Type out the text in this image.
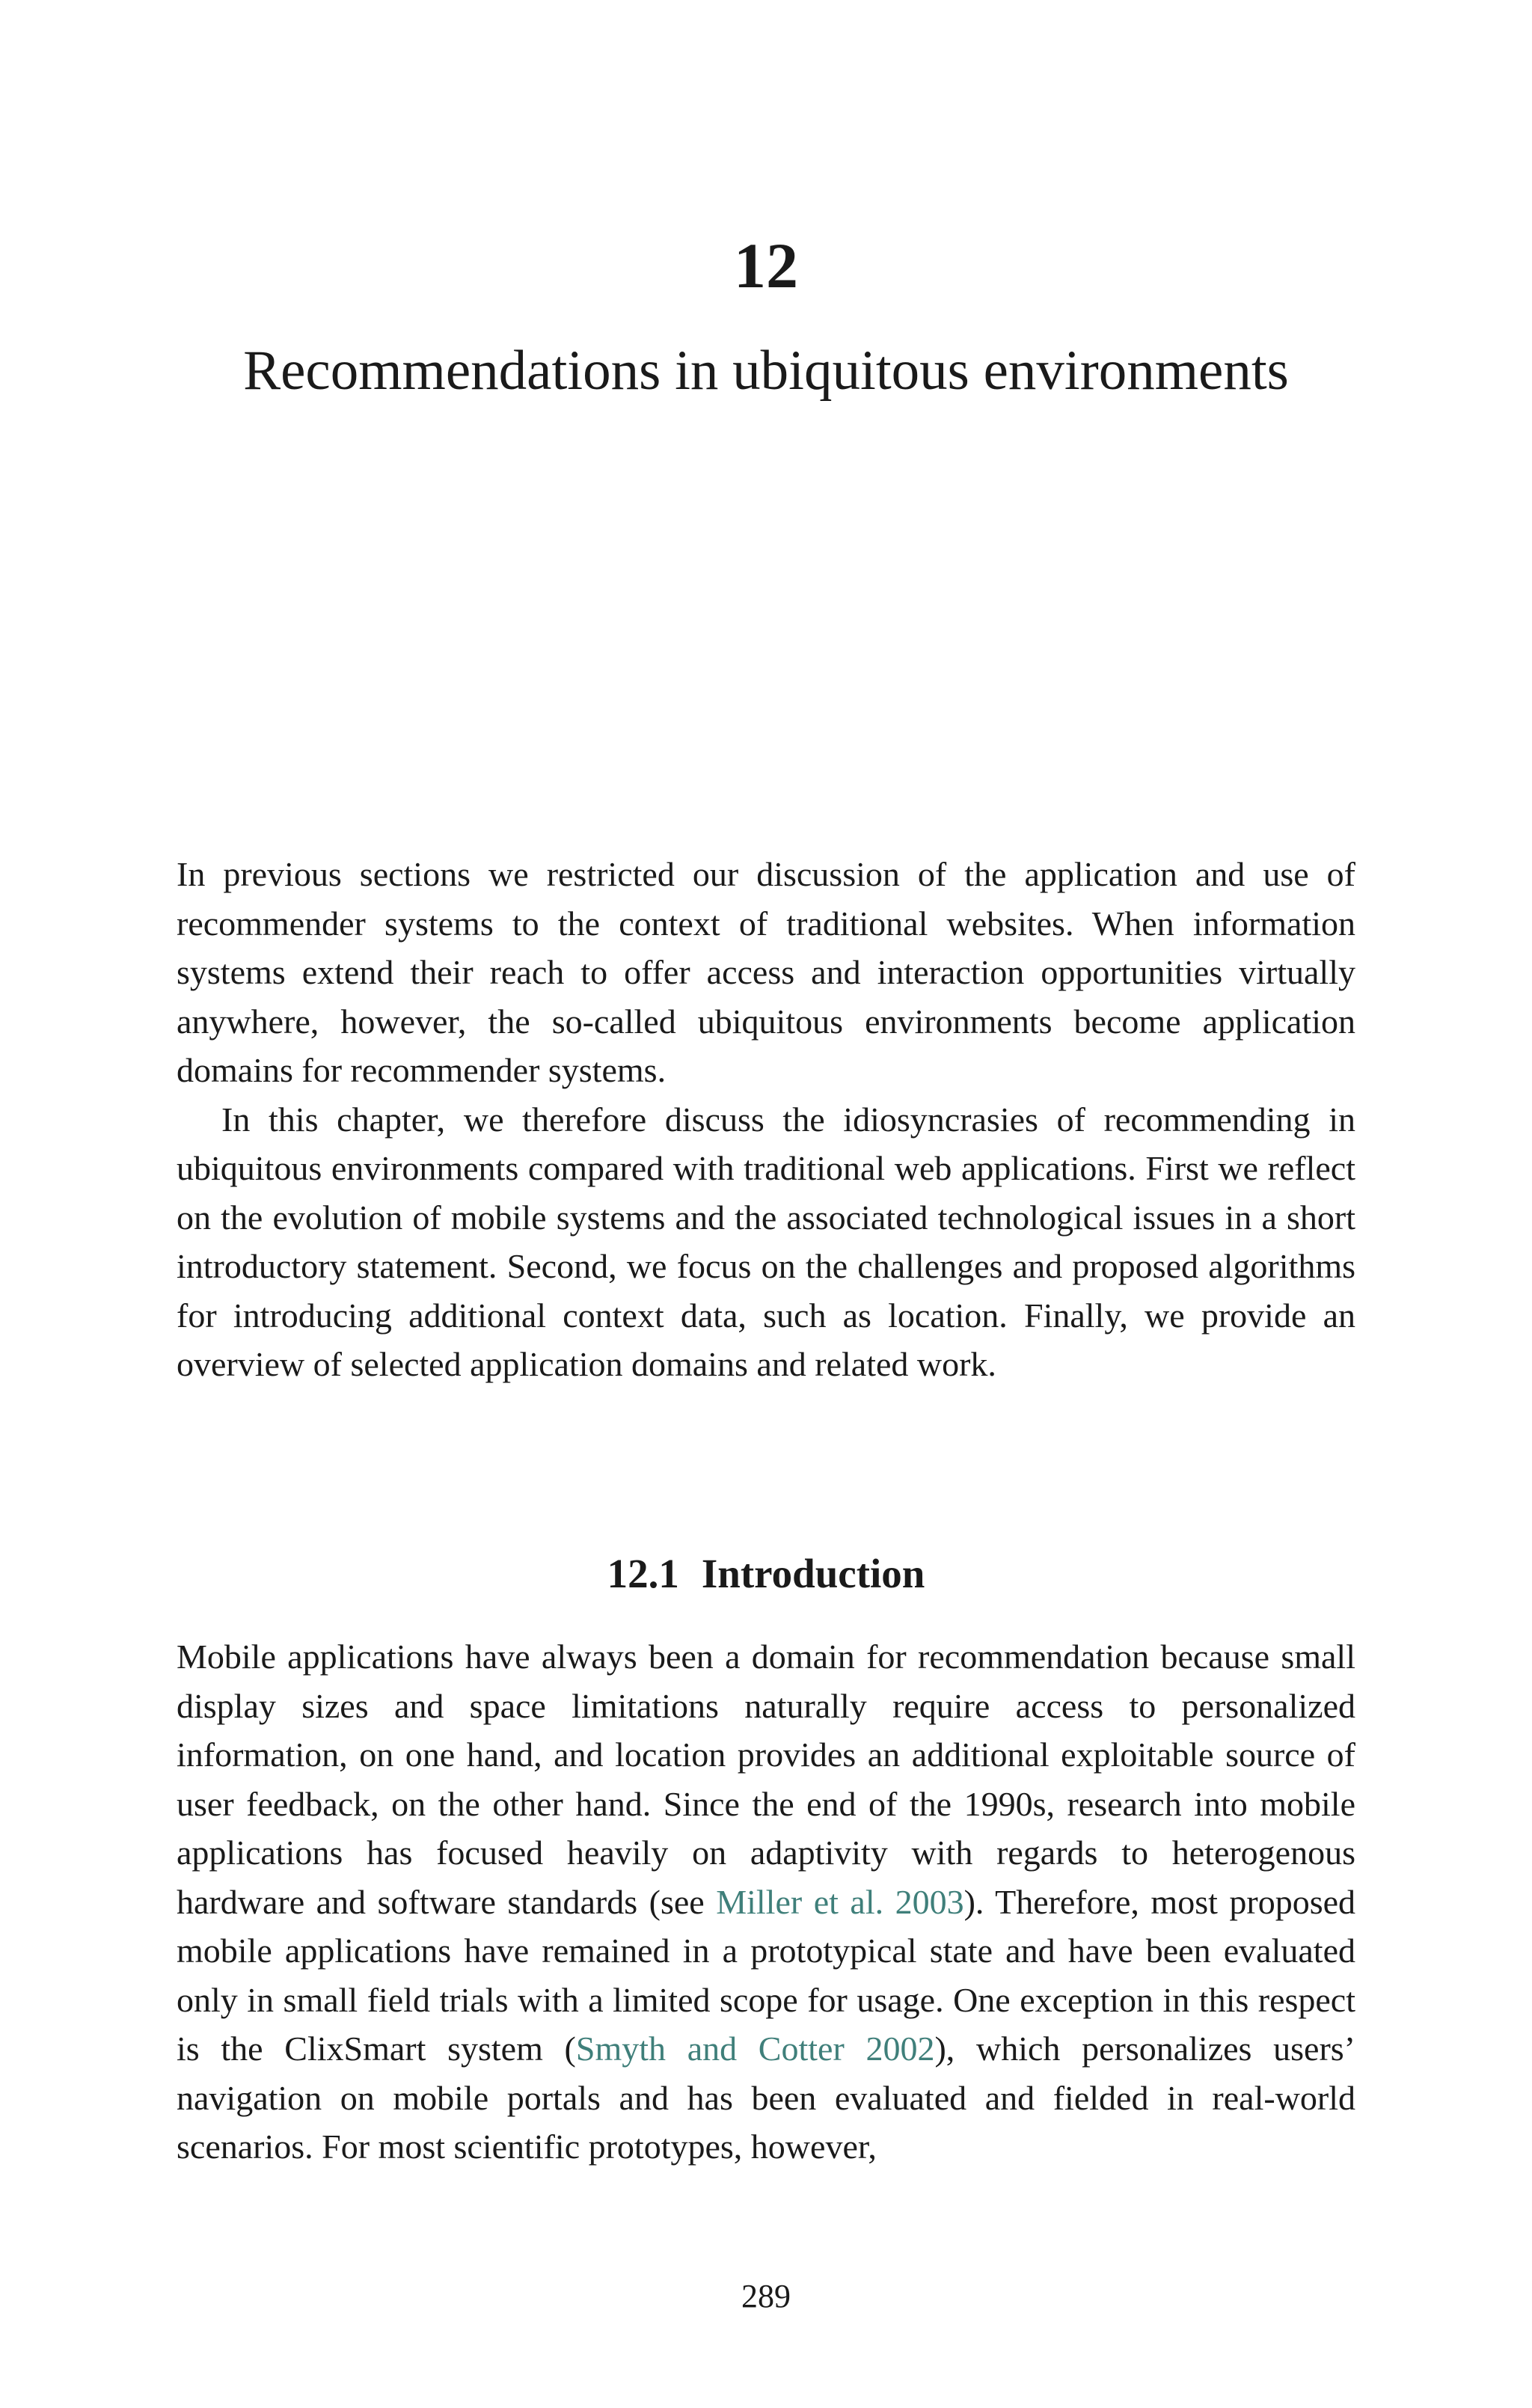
12
Recommendations in ubiquitous environments

In previous sections we restricted our discussion of the application and use of recommender systems to the context of traditional websites. When information systems extend their reach to offer access and interaction opportunities virtually anywhere, however, the so-called ubiquitous environments become application domains for recommender systems.

In this chapter, we therefore discuss the idiosyncrasies of recommending in ubiquitous environments compared with traditional web applications. First we reflect on the evolution of mobile systems and the associated technological issues in a short introductory statement. Second, we focus on the challenges and proposed algorithms for introducing additional context data, such as location. Finally, we provide an overview of selected application domains and related work.

12.1 Introduction

Mobile applications have always been a domain for recommendation because small display sizes and space limitations naturally require access to personalized information, on one hand, and location provides an additional exploitable source of user feedback, on the other hand. Since the end of the 1990s, research into mobile applications has focused heavily on adaptivity with regards to heterogenous hardware and software standards (see Miller et al. 2003). Therefore, most proposed mobile applications have remained in a prototypical state and have been evaluated only in small field trials with a limited scope for usage. One exception in this respect is the ClixSmart system (Smyth and Cotter 2002), which personalizes users’ navigation on mobile portals and has been evaluated and fielded in real-world scenarios. For most scientific prototypes, however,

289
